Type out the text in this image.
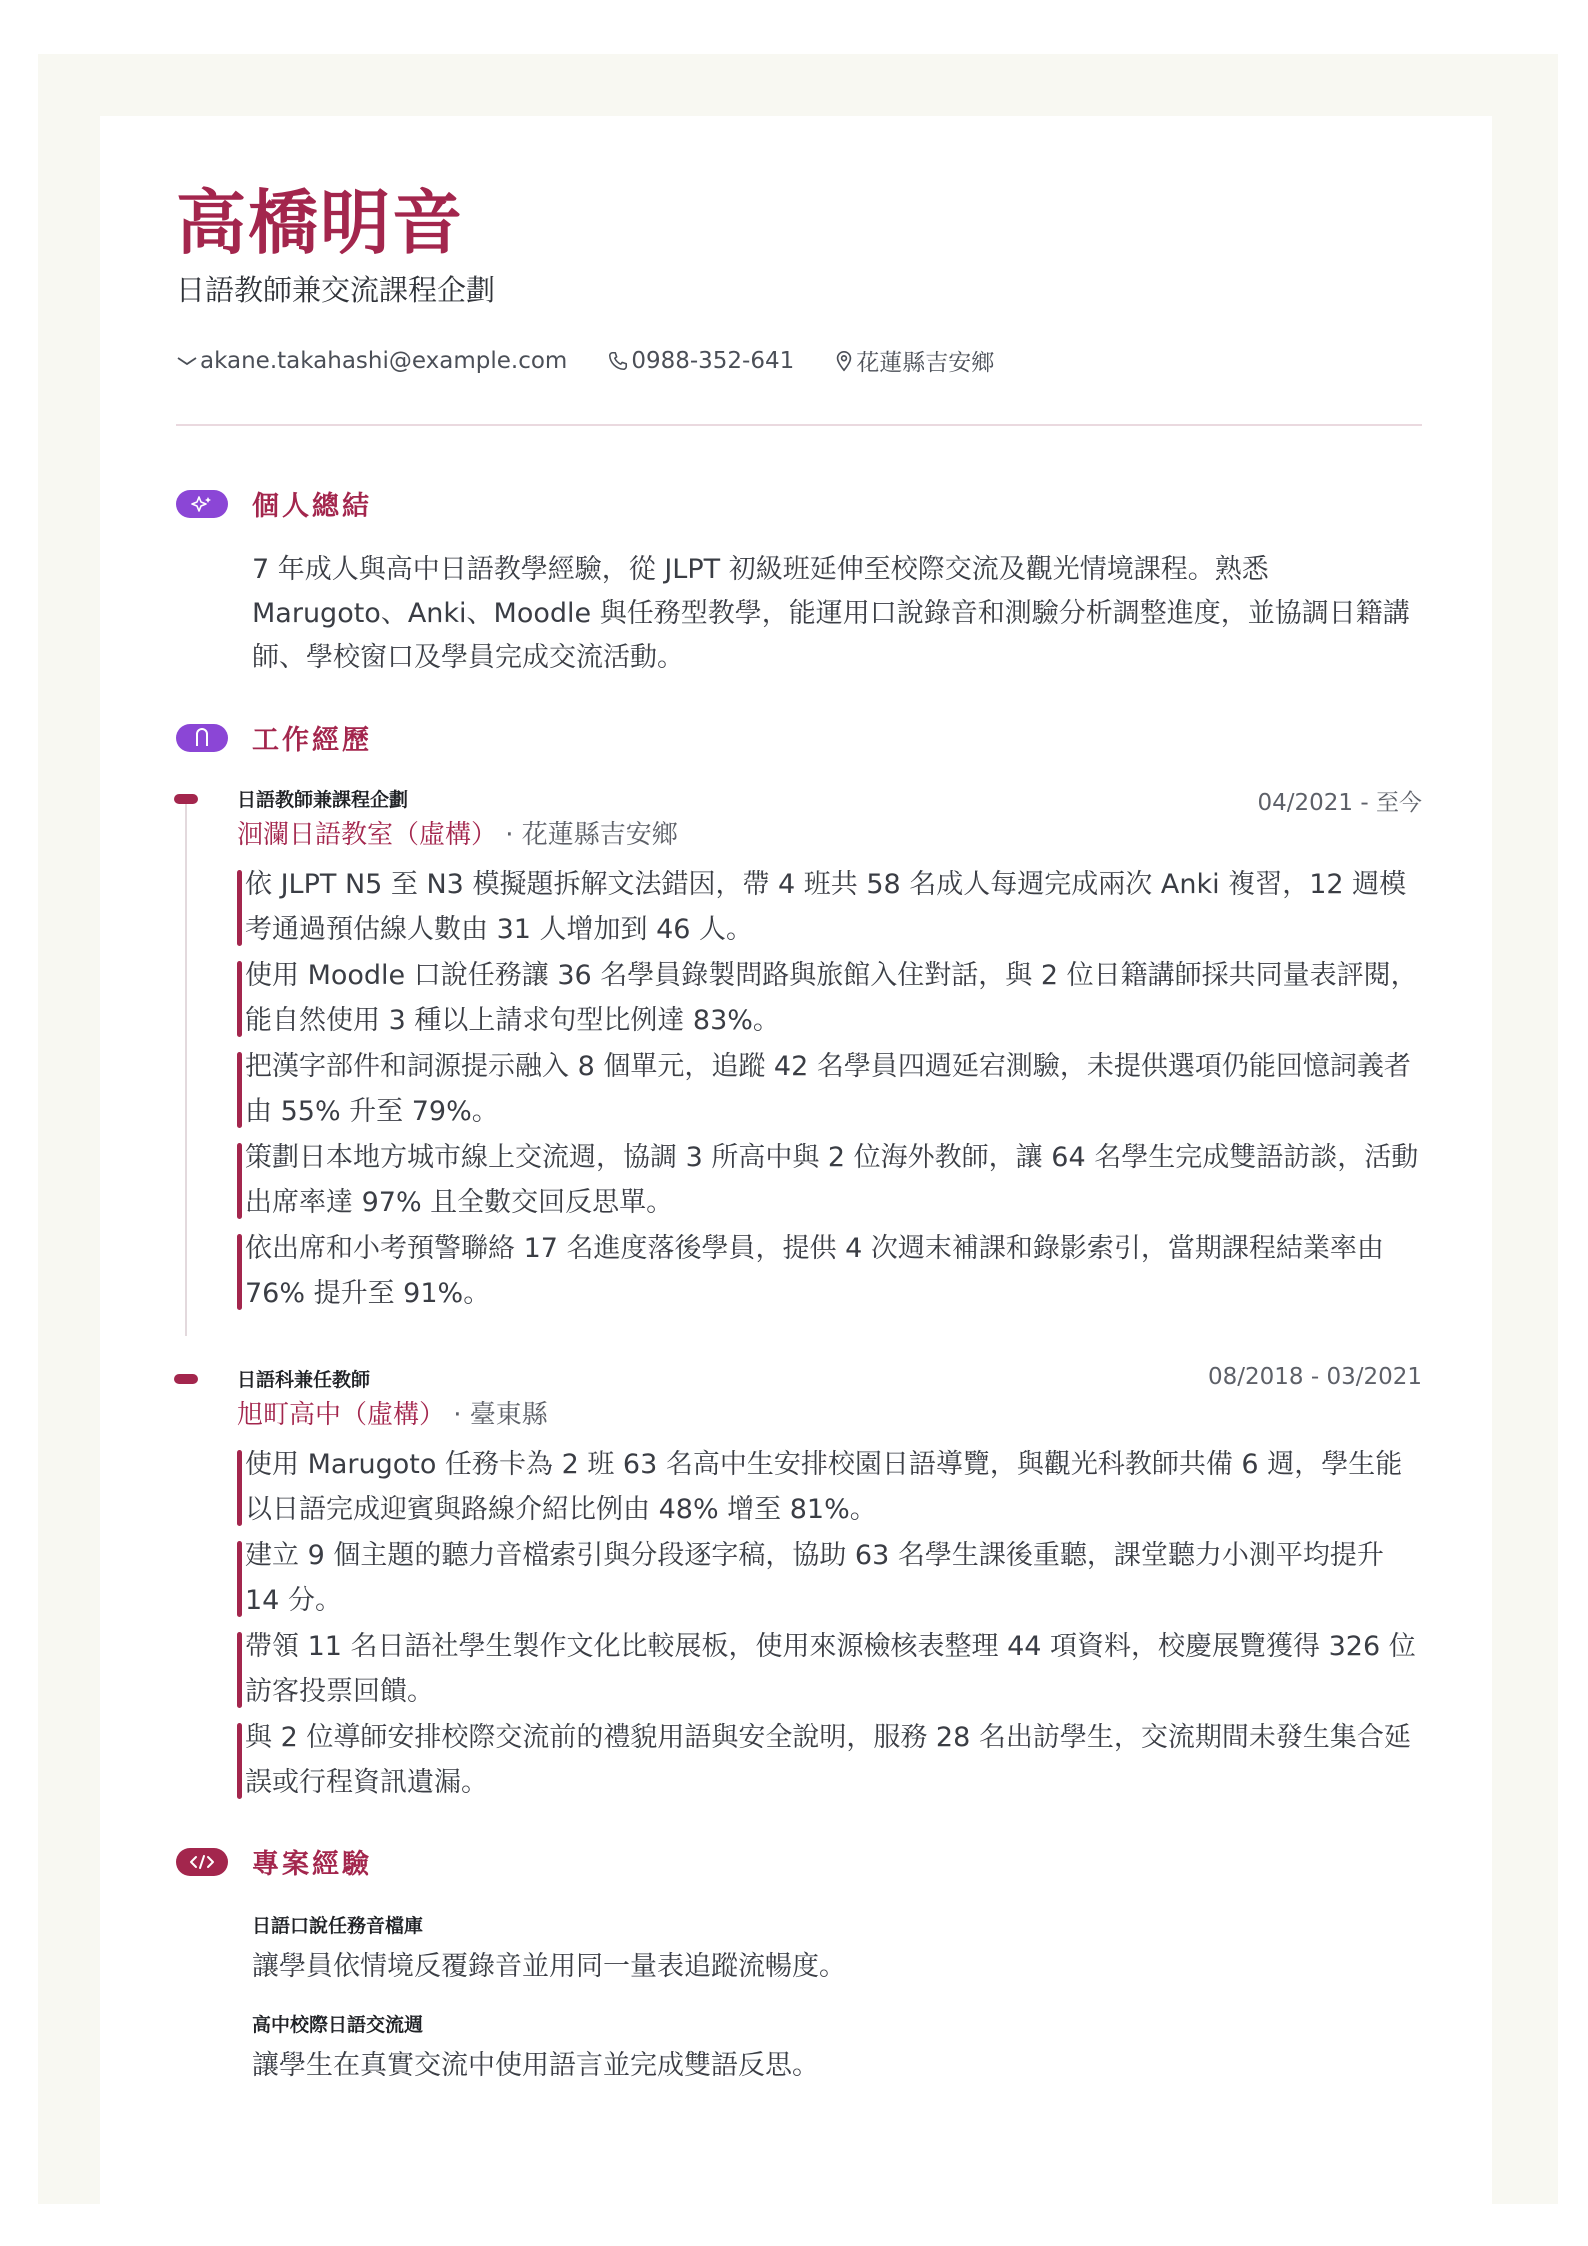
高橋明音
日語教師兼交流課程企劃
akane.takahashi@example.com	0988-352-641	花蓮縣吉安鄉
個人總結
7 年成人與高中日語教學經驗，從 JLPT 初級班延伸至校際交流及觀光情境課程。熟悉 Marugoto、Anki、Moodle 與任務型教學，能運用口說錄音和測驗分析調整進度，並協調日籍講師、學校窗口及學員完成交流活動。
工作經歷
日語教師兼課程企劃	04/2021 - 至今
洄瀾日語教室（虛構） · 花蓮縣吉安鄉
依 JLPT N5 至 N3 模擬題拆解文法錯因，帶 4 班共 58 名成人每週完成兩次 Anki 複習，12 週模考通過預估線人數由 31 人增加到 46 人。
使用 Moodle 口說任務讓 36 名學員錄製問路與旅館入住對話，與 2 位日籍講師採共同量表評閱，能自然使用 3 種以上請求句型比例達 83%。
把漢字部件和詞源提示融入 8 個單元，追蹤 42 名學員四週延宕測驗，未提供選項仍能回憶詞義者由 55% 升至 79%。
策劃日本地方城市線上交流週，協調 3 所高中與 2 位海外教師，讓 64 名學生完成雙語訪談，活動出席率達 97% 且全數交回反思單。
依出席和小考預警聯絡 17 名進度落後學員，提供 4 次週末補課和錄影索引，當期課程結業率由 76% 提升至 91%。
日語科兼任教師	08/2018 - 03/2021
旭町高中（虛構） · 臺東縣
使用 Marugoto 任務卡為 2 班 63 名高中生安排校園日語導覽，與觀光科教師共備 6 週，學生能以日語完成迎賓與路線介紹比例由 48% 增至 81%。
建立 9 個主題的聽力音檔索引與分段逐字稿，協助 63 名學生課後重聽，課堂聽力小測平均提升 14 分。
帶領 11 名日語社學生製作文化比較展板，使用來源檢核表整理 44 項資料，校慶展覽獲得 326 位訪客投票回饋。
與 2 位導師安排校際交流前的禮貌用語與安全說明，服務 28 名出訪學生，交流期間未發生集合延誤或行程資訊遺漏。
專案經驗
日語口說任務音檔庫
讓學員依情境反覆錄音並用同一量表追蹤流暢度。
高中校際日語交流週
讓學生在真實交流中使用語言並完成雙語反思。
